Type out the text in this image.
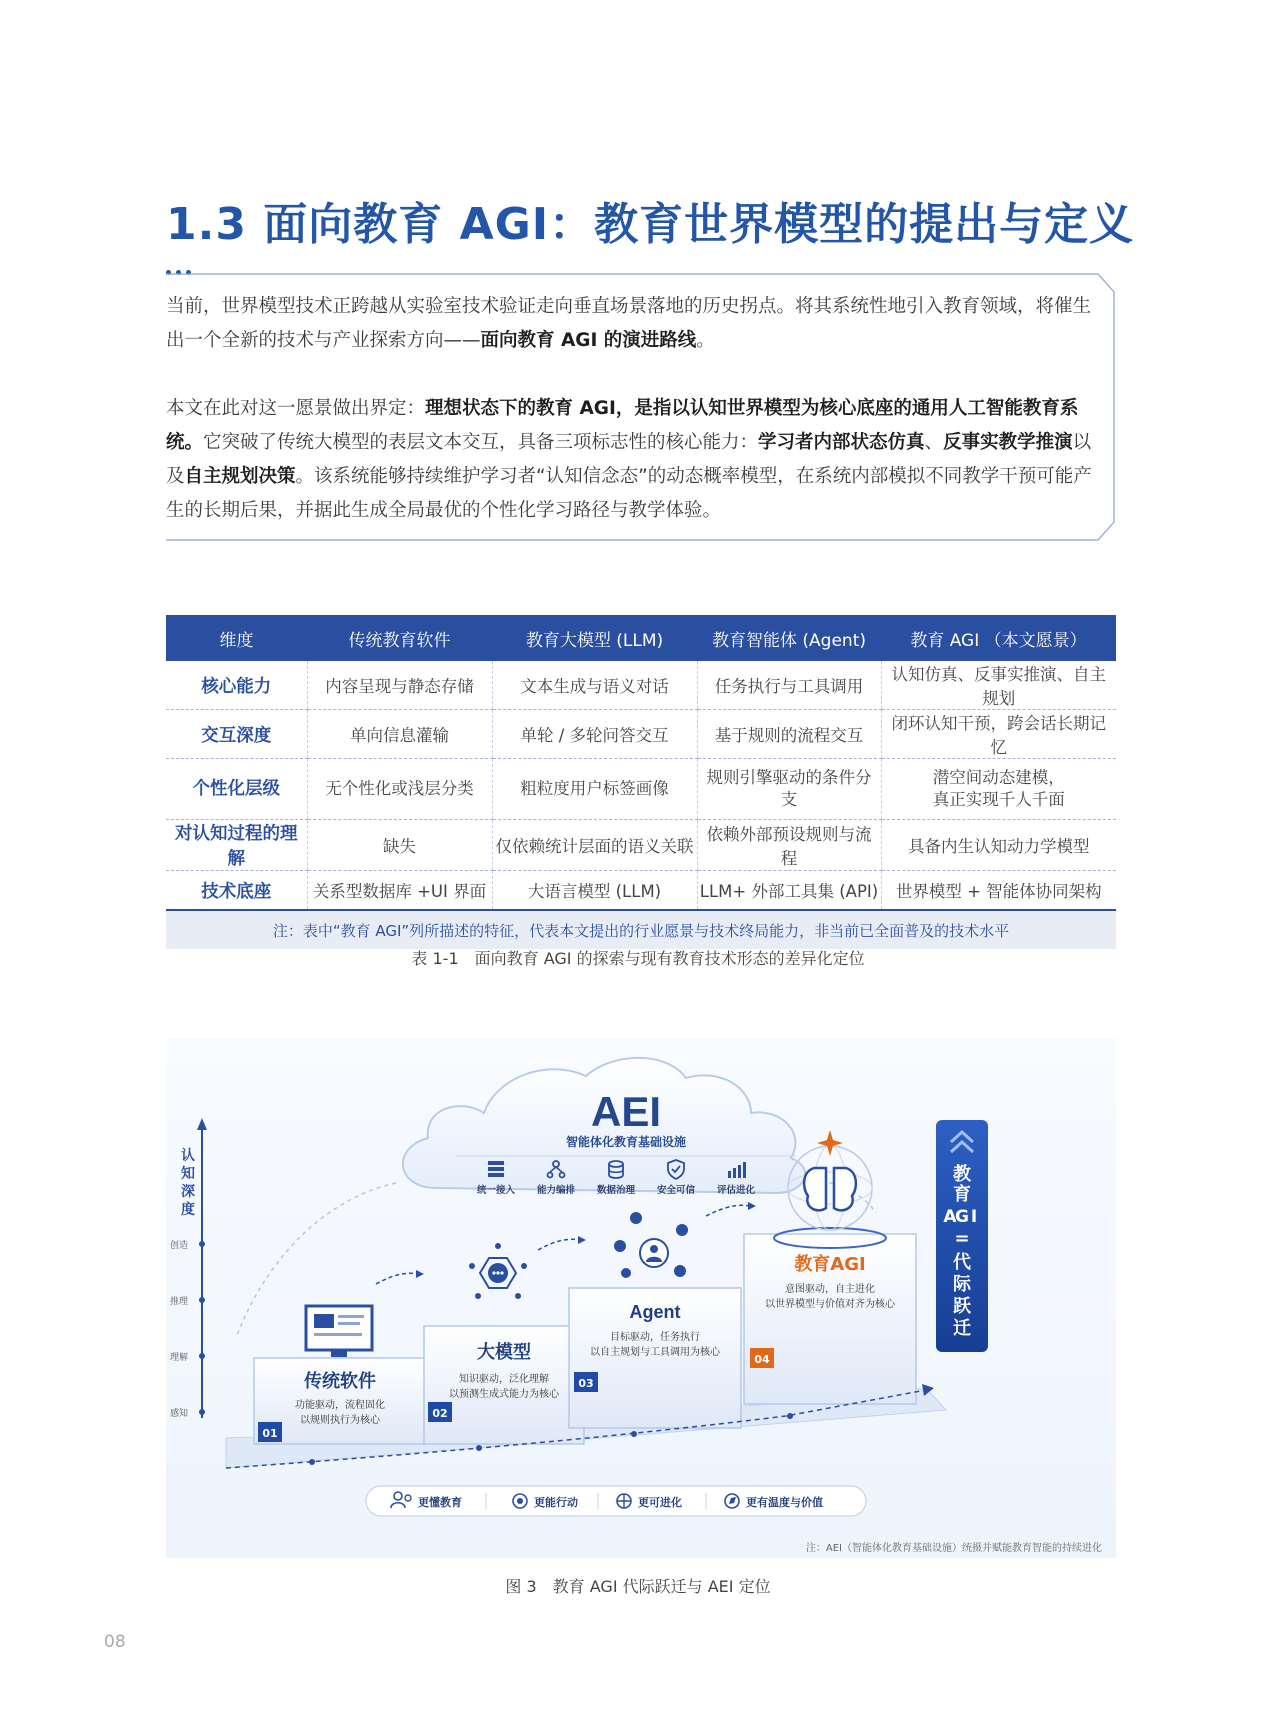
1.3 面向教育 AGI：教育世界模型的提出与定义

当前，世界模型技术正跨越从实验室技术验证走向垂直场景落地的历史拐点。将其系统性地引入教育领域，将催生出一个全新的技术与产业探索方向——面向教育 AGI 的演进路线。

本文在此对这一愿景做出界定：理想状态下的教育 AGI，是指以认知世界模型为核心底座的通用人工智能教育系统。它突破了传统大模型的表层文本交互，具备三项标志性的核心能力：学习者内部状态仿真、反事实教学推演以及自主规划决策。该系统能够持续维护学习者“认知信念态”的动态概率模型，在系统内部模拟不同教学干预可能产生的长期后果，并据此生成全局最优的个性化学习路径与教学体验。

维度	传统教育软件	教育大模型 (LLM)	教育智能体 (Agent)	教育 AGI （本文愿景）
核心能力	内容呈现与静态存储	文本生成与语义对话	任务执行与工具调用	认知仿真、反事实推演、自主规划
交互深度	单向信息灌输	单轮 / 多轮问答交互	基于规则的流程交互	闭环认知干预，跨会话长期记忆
个性化层级	无个性化或浅层分类	粗粒度用户标签画像	规则引擎驱动的条件分支	潜空间动态建模，
真正实现千人千面
对认知过程的理解	缺失	仅依赖统计层面的语义关联	依赖外部预设规则与流程	具备内生认知动力学模型
技术底座	关系型数据库 +UI 界面	大语言模型 (LLM)	LLM+ 外部工具集 (API)	世界模型 + 智能体协同架构
注：表中“教育 AGI”列所描述的特征，代表本文提出的行业愿景与技术终局能力，非当前已全面普及的技术水平				
表 1-1　面向教育 AGI 的探索与现有教育技术形态的差异化定位
AEI
智能体化教育基础设施
统一接入 能力编排 数据治理 安全可信 评估进化
认
知
深
度
创造
推理
理解
感知
传统软件
功能驱动，流程固化
以规则执行为核心
01
大模型
知识驱动，泛化理解
以预测生成式能力为核心
02
Agent
目标驱动，任务执行
以自主规划与工具调用为核心
03
教育AGI
意图驱动，自主进化
以世界模型与价值对齐为核心
04
教
育
A
G I
=
代
际
跃
迁
更懂教育	更能行动	更可进化	更有温度与价值
注：AEI（智能体化教育基础设施）统摄并赋能教育智能的持续进化
图 3　教育 AGI 代际跃迁与 AEI 定位
08
